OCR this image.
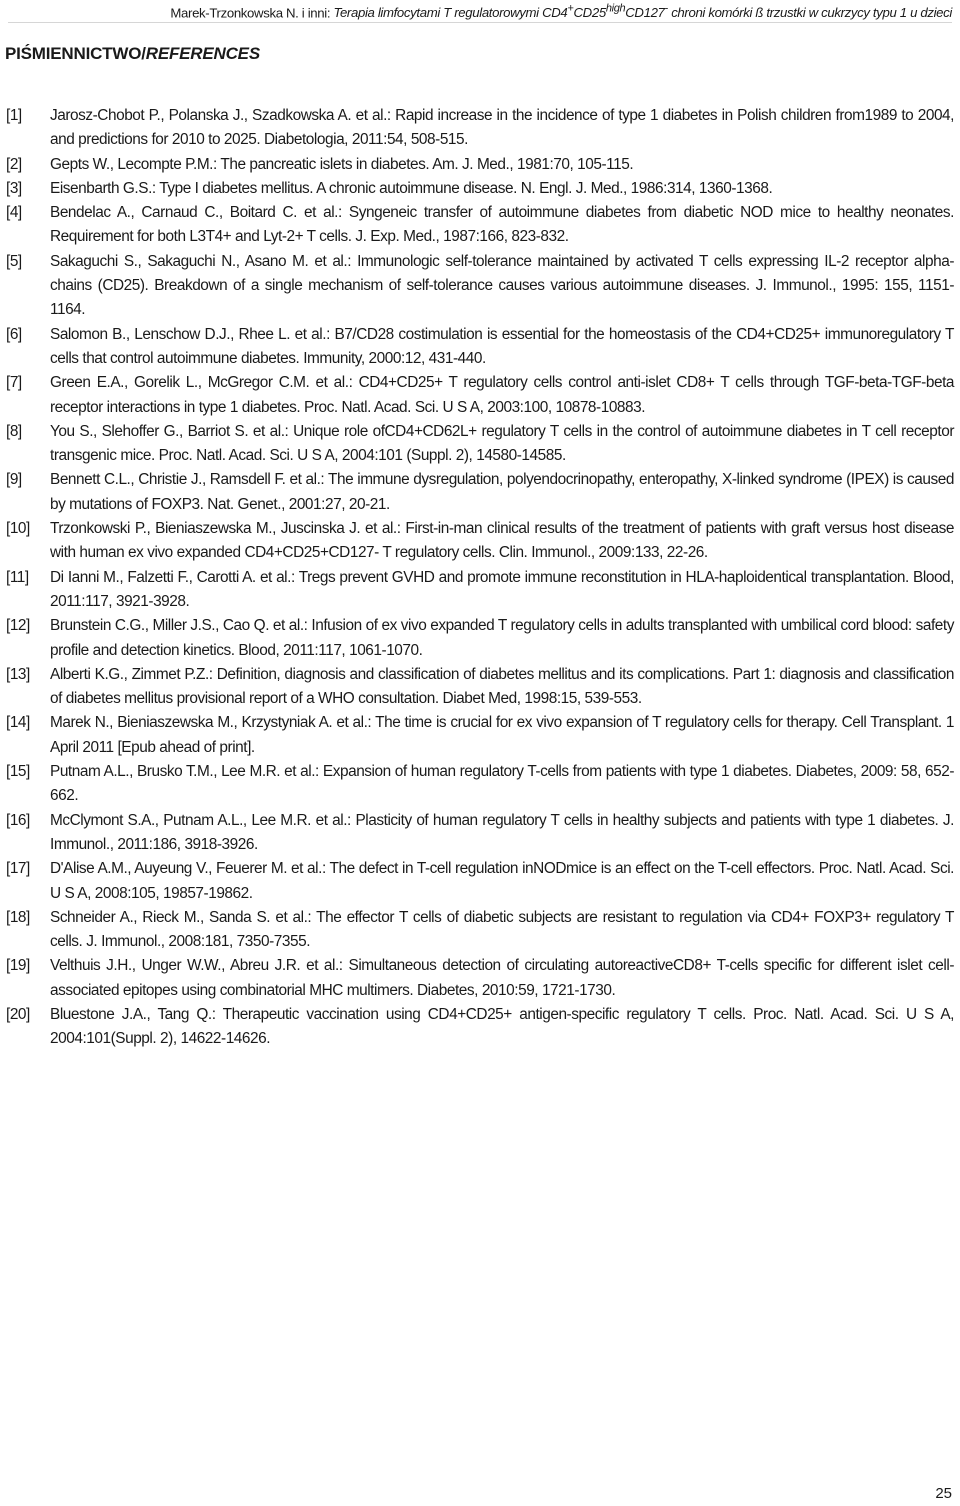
Marek-Trzonkowska N. i inni: Terapia limfocytami T regulatorowymi $CD4^+CD25^{high}CD127^-$ chroni komórki ß trzustki w cukrzycy typu 1 u dzieci
PIŚMIENNICTWO/REFERENCES
[1]	Jarosz-Chobot P., Polanska J., Szadkowska A. et al.: Rapid increase in the incidence of type 1 diabetes in Polish children from1989 to 2004, and predictions for 2010 to 2025. Diabetologia, 2011:54, 508-515.
[2]	Gepts W., Lecompte P.M.: The pancreatic islets in diabetes. Am. J. Med., 1981:70, 105-115.
[3]	Eisenbarth G.S.: Type I diabetes mellitus. A chronic autoimmune disease. N. Engl. J. Med., 1986:314, 1360-1368.
[4]	Bendelac A., Carnaud C., Boitard C. et al.: Syngeneic transfer of autoimmune diabetes from diabetic NOD mice to healthy neonates. Requirement for both L3T4+ and Lyt-2+ T cells. J. Exp. Med., 1987:166, 823-832.
[5]	Sakaguchi S., Sakaguchi N., Asano M. et al.: Immunologic self-tolerance maintained by activated T cells expressing IL-2 receptor alpha-chains (CD25). Breakdown of a single mechanism of self-tolerance causes various autoimmune diseases. J. Immunol., 1995: 155, 1151-1164.
[6]	Salomon B., Lenschow D.J., Rhee L. et al.: B7/CD28 costimulation is essential for the homeostasis of the CD4+CD25+ immunoregulatory T cells that control autoimmune diabetes. Immunity, 2000:12, 431-440.
[7]	Green E.A., Gorelik L., McGregor C.M. et al.: CD4+CD25+ T regulatory cells control anti-islet CD8+ T cells through TGF-beta-TGF-beta receptor interactions in type 1 diabetes. Proc. Natl. Acad. Sci. U S A, 2003:100, 10878-10883.
[8]	You S., Slehoffer G., Barriot S. et al.: Unique role ofCD4+CD62L+ regulatory T cells in the control of autoimmune diabetes in T cell receptor transgenic mice. Proc. Natl. Acad. Sci. U S A, 2004:101 (Suppl. 2), 14580-14585.
[9]	Bennett C.L., Christie J., Ramsdell F. et al.: The immune dysregulation, polyendocrinopathy, enteropathy, X-linked syndrome (IPEX) is caused by mutations of FOXP3. Nat. Genet., 2001:27, 20-21.
[10]	Trzonkowski P., Bieniaszewska M., Juscinska J. et al.: First-in-man clinical results of the treatment of patients with graft versus host disease with human ex vivo expanded CD4+CD25+CD127- T regulatory cells. Clin. Immunol., 2009:133, 22-26.
[11]	Di Ianni M., Falzetti F., Carotti A. et al.: Tregs prevent GVHD and promote immune reconstitution in HLA-haploidentical transplantation. Blood, 2011:117, 3921-3928.
[12]	Brunstein C.G., Miller J.S., Cao Q. et al.: Infusion of ex vivo expanded T regulatory cells in adults transplanted with umbilical cord blood: safety profile and detection kinetics. Blood, 2011:117, 1061-1070.
[13]	Alberti K.G., Zimmet P.Z.: Definition, diagnosis and classification of diabetes mellitus and its complications. Part 1: diagnosis and classification of diabetes mellitus provisional report of a WHO consultation. Diabet Med, 1998:15, 539-553.
[14]	Marek N., Bieniaszewska M., Krzystyniak A. et al.: The time is crucial for ex vivo expansion of T regulatory cells for therapy. Cell Transplant. 1 April 2011 [Epub ahead of print].
[15]	Putnam A.L., Brusko T.M., Lee M.R. et al.: Expansion of human regulatory T-cells from patients with type 1 diabetes. Diabetes, 2009: 58, 652-662.
[16]	McClymont S.A., Putnam A.L., Lee M.R. et al.: Plasticity of human regulatory T cells in healthy subjects and patients with type 1 diabetes. J. Immunol., 2011:186, 3918-3926.
[17]	D'Alise A.M., Auyeung V., Feuerer M. et al.: The defect in T-cell regulation inNODmice is an effect on the T-cell effectors. Proc. Natl. Acad. Sci. U S A, 2008:105, 19857-19862.
[18]	Schneider A., Rieck M., Sanda S. et al.: The effector T cells of diabetic subjects are resistant to regulation via CD4+ FOXP3+ regulatory T cells. J. Immunol., 2008:181, 7350-7355.
[19]	Velthuis J.H., Unger W.W., Abreu J.R. et al.: Simultaneous detection of circulating autoreactiveCD8+ T-cells specific for different islet cell-associated epitopes using combinatorial MHC multimers. Diabetes, 2010:59, 1721-1730.
[20]	Bluestone J.A., Tang Q.: Therapeutic vaccination using CD4+CD25+ antigen-specific regulatory T cells. Proc. Natl. Acad. Sci. U S A, 2004:101(Suppl. 2), 14622-14626.
25
